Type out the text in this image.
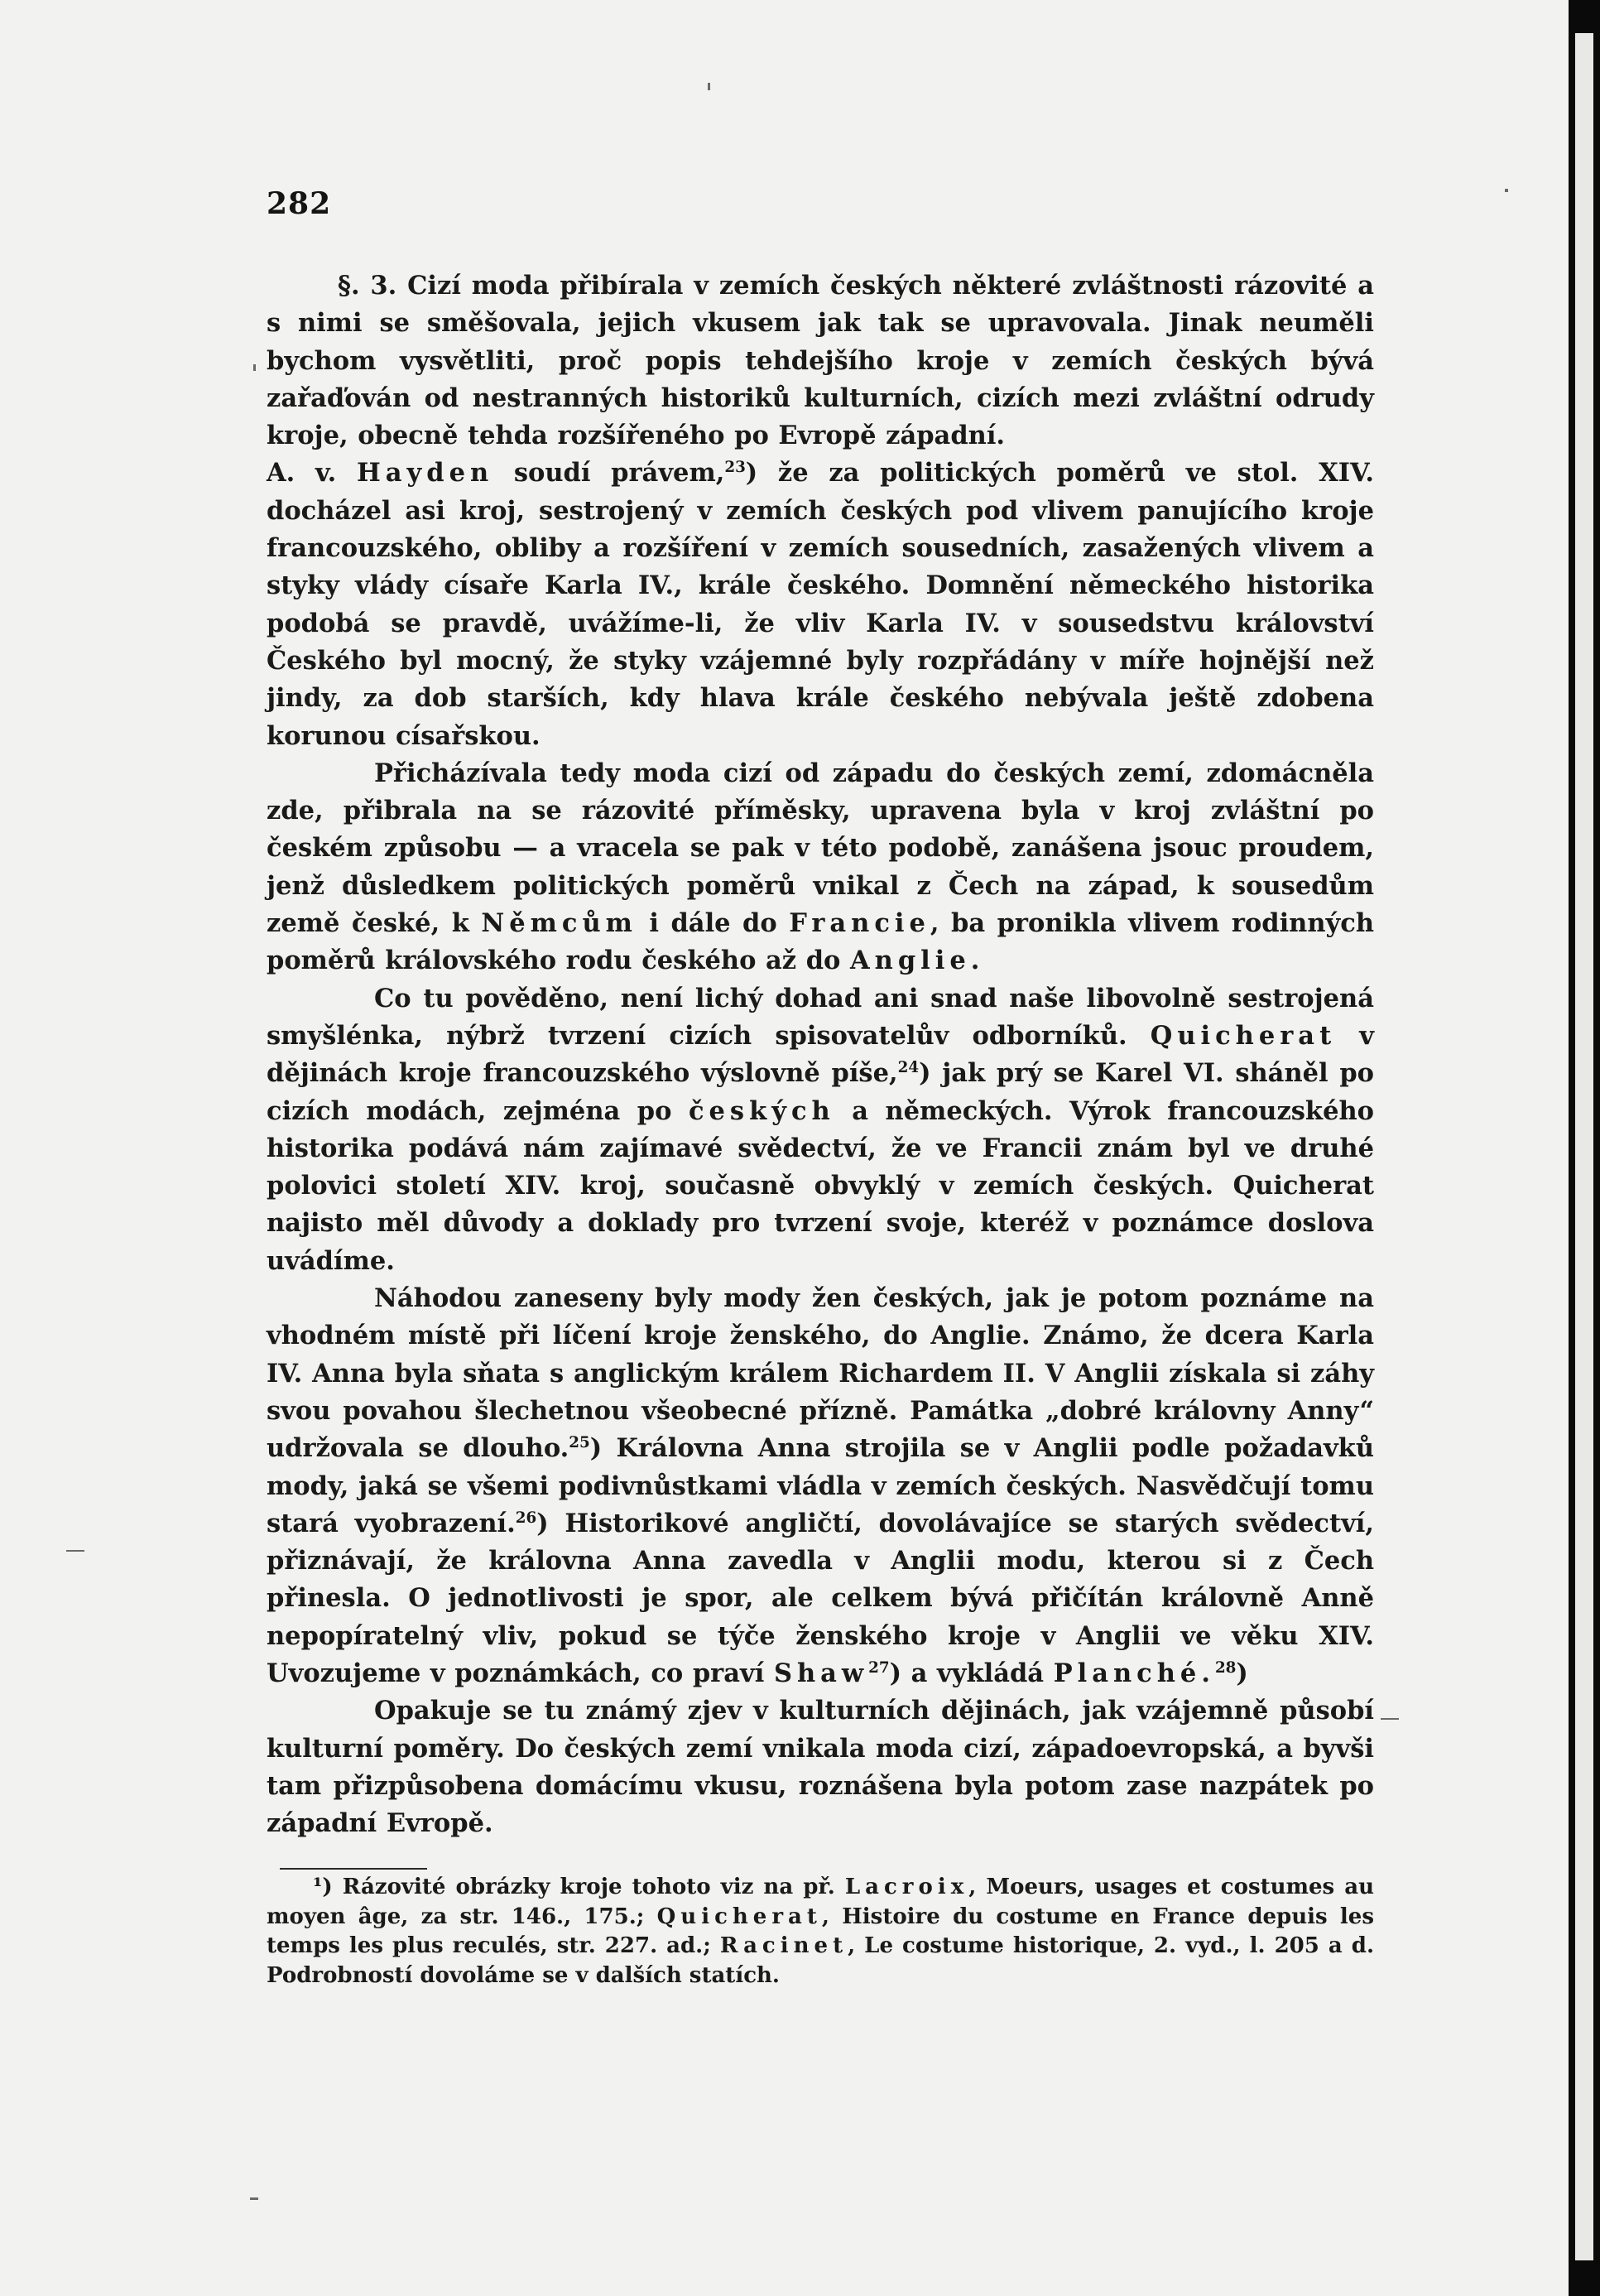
282

§. 3. Cizí moda přibírala v zemích českých některé zvláštnosti rázovité a s nimi se směšovala, jejich vkusem jak tak se upravovala. Jinak neuměli bychom vysvětliti, proč popis tehdejšího kroje v zemích českých bývá zařaďován od nestranných historiků kulturních, cizích mezi zvláštní odrudy kroje, obecně tehda rozšířeného po Evropě západní.

A. v. Hayden soudí právem,$^{23}$) že za politických poměrů ve stol. XIV. docházel asi kroj, sestrojený v zemích českých pod vlivem panujícího kroje francouzského, obliby a rozšíření v zemích sousedních, zasažených vlivem a styky vlády císaře Karla IV., krále českého. Domnění německého historika podobá se pravdě, uvážíme-li, že vliv Karla IV. v sousedstvu království Českého byl mocný, že styky vzájemné byly rozpřádány v míře hojnější než jindy, za dob starších, kdy hlava krále českého nebývala ještě zdobena korunou císařskou.

Přicházívala tedy moda cizí od západu do českých zemí, zdomácněla zde, přibrala na se rázovité příměsky, upravena byla v kroj zvláštní po českém způsobu — a vracela se pak v této podobě, zanášena jsouc proudem, jenž důsledkem politických poměrů vnikal z Čech na západ, k sousedům země české, k Němcům i dále do Francie, ba pronikla vlivem rodinných poměrů královského rodu českého až do Anglie.

Co tu pověděno, není lichý dohad ani snad naše libovolně sestrojená smyšlénka, nýbrž tvrzení cizích spisovatelův odborníků. Quicherat v dějinách kroje francouzského výslovně píše,$^{24}$) jak prý se Karel VI. sháněl po cizích modách, zejména po českých a německých. Výrok francouzského historika podává nám zajímavé svědectví, že ve Francii znám byl ve druhé polovici století XIV. kroj, současně obvyklý v zemích českých. Quicherat najisto měl důvody a doklady pro tvrzení svoje, kteréž v poznámce doslova uvádíme.

Náhodou zaneseny byly mody žen českých, jak je potom poznáme na vhodném místě při líčení kroje ženského, do Anglie. Známo, že dcera Karla IV. Anna byla sňata s anglickým králem Richardem II. V Anglii získala si záhy svou povahou šlechetnou všeobecné přízně. Památka „dobré královny Anny“ udržovala se dlouho.$^{25}$) Královna Anna strojila se v Anglii podle požadavků mody, jaká se všemi podivnůstkami vládla v zemích českých. Nasvědčují tomu stará vyobrazení.$^{26}$) Historikové angličtí, dovolávajíce se starých svědectví, přiznávají, že královna Anna zavedla v Anglii modu, kterou si z Čech přinesla. O jednotlivosti je spor, ale celkem bývá přičítán královně Anně nepopíratelný vliv, pokud se týče ženského kroje v Anglii ve věku XIV. Uvozujeme v poznámkách, co praví Shaw$^{27}$) a vykládá Planché.$^{28}$)

Opakuje se tu známý zjev v kulturních dějinách, jak vzájemně působí kulturní poměry. Do českých zemí vnikala moda cizí, západoevropská, a byvši tam přizpůsobena domácímu vkusu, roznášena byla potom zase nazpátek po západní Evropě.

¹) Rázovité obrázky kroje tohoto viz na př. Lacroix, Moeurs, usages et costumes au moyen âge, za str. 146., 175.; Quicherat, Histoire du costume en France depuis les temps les plus reculés, str. 227. ad.; Racinet, Le costume historique, 2. vyd., l. 205 a d. Podrobností dovoláme se v dalších statích.
